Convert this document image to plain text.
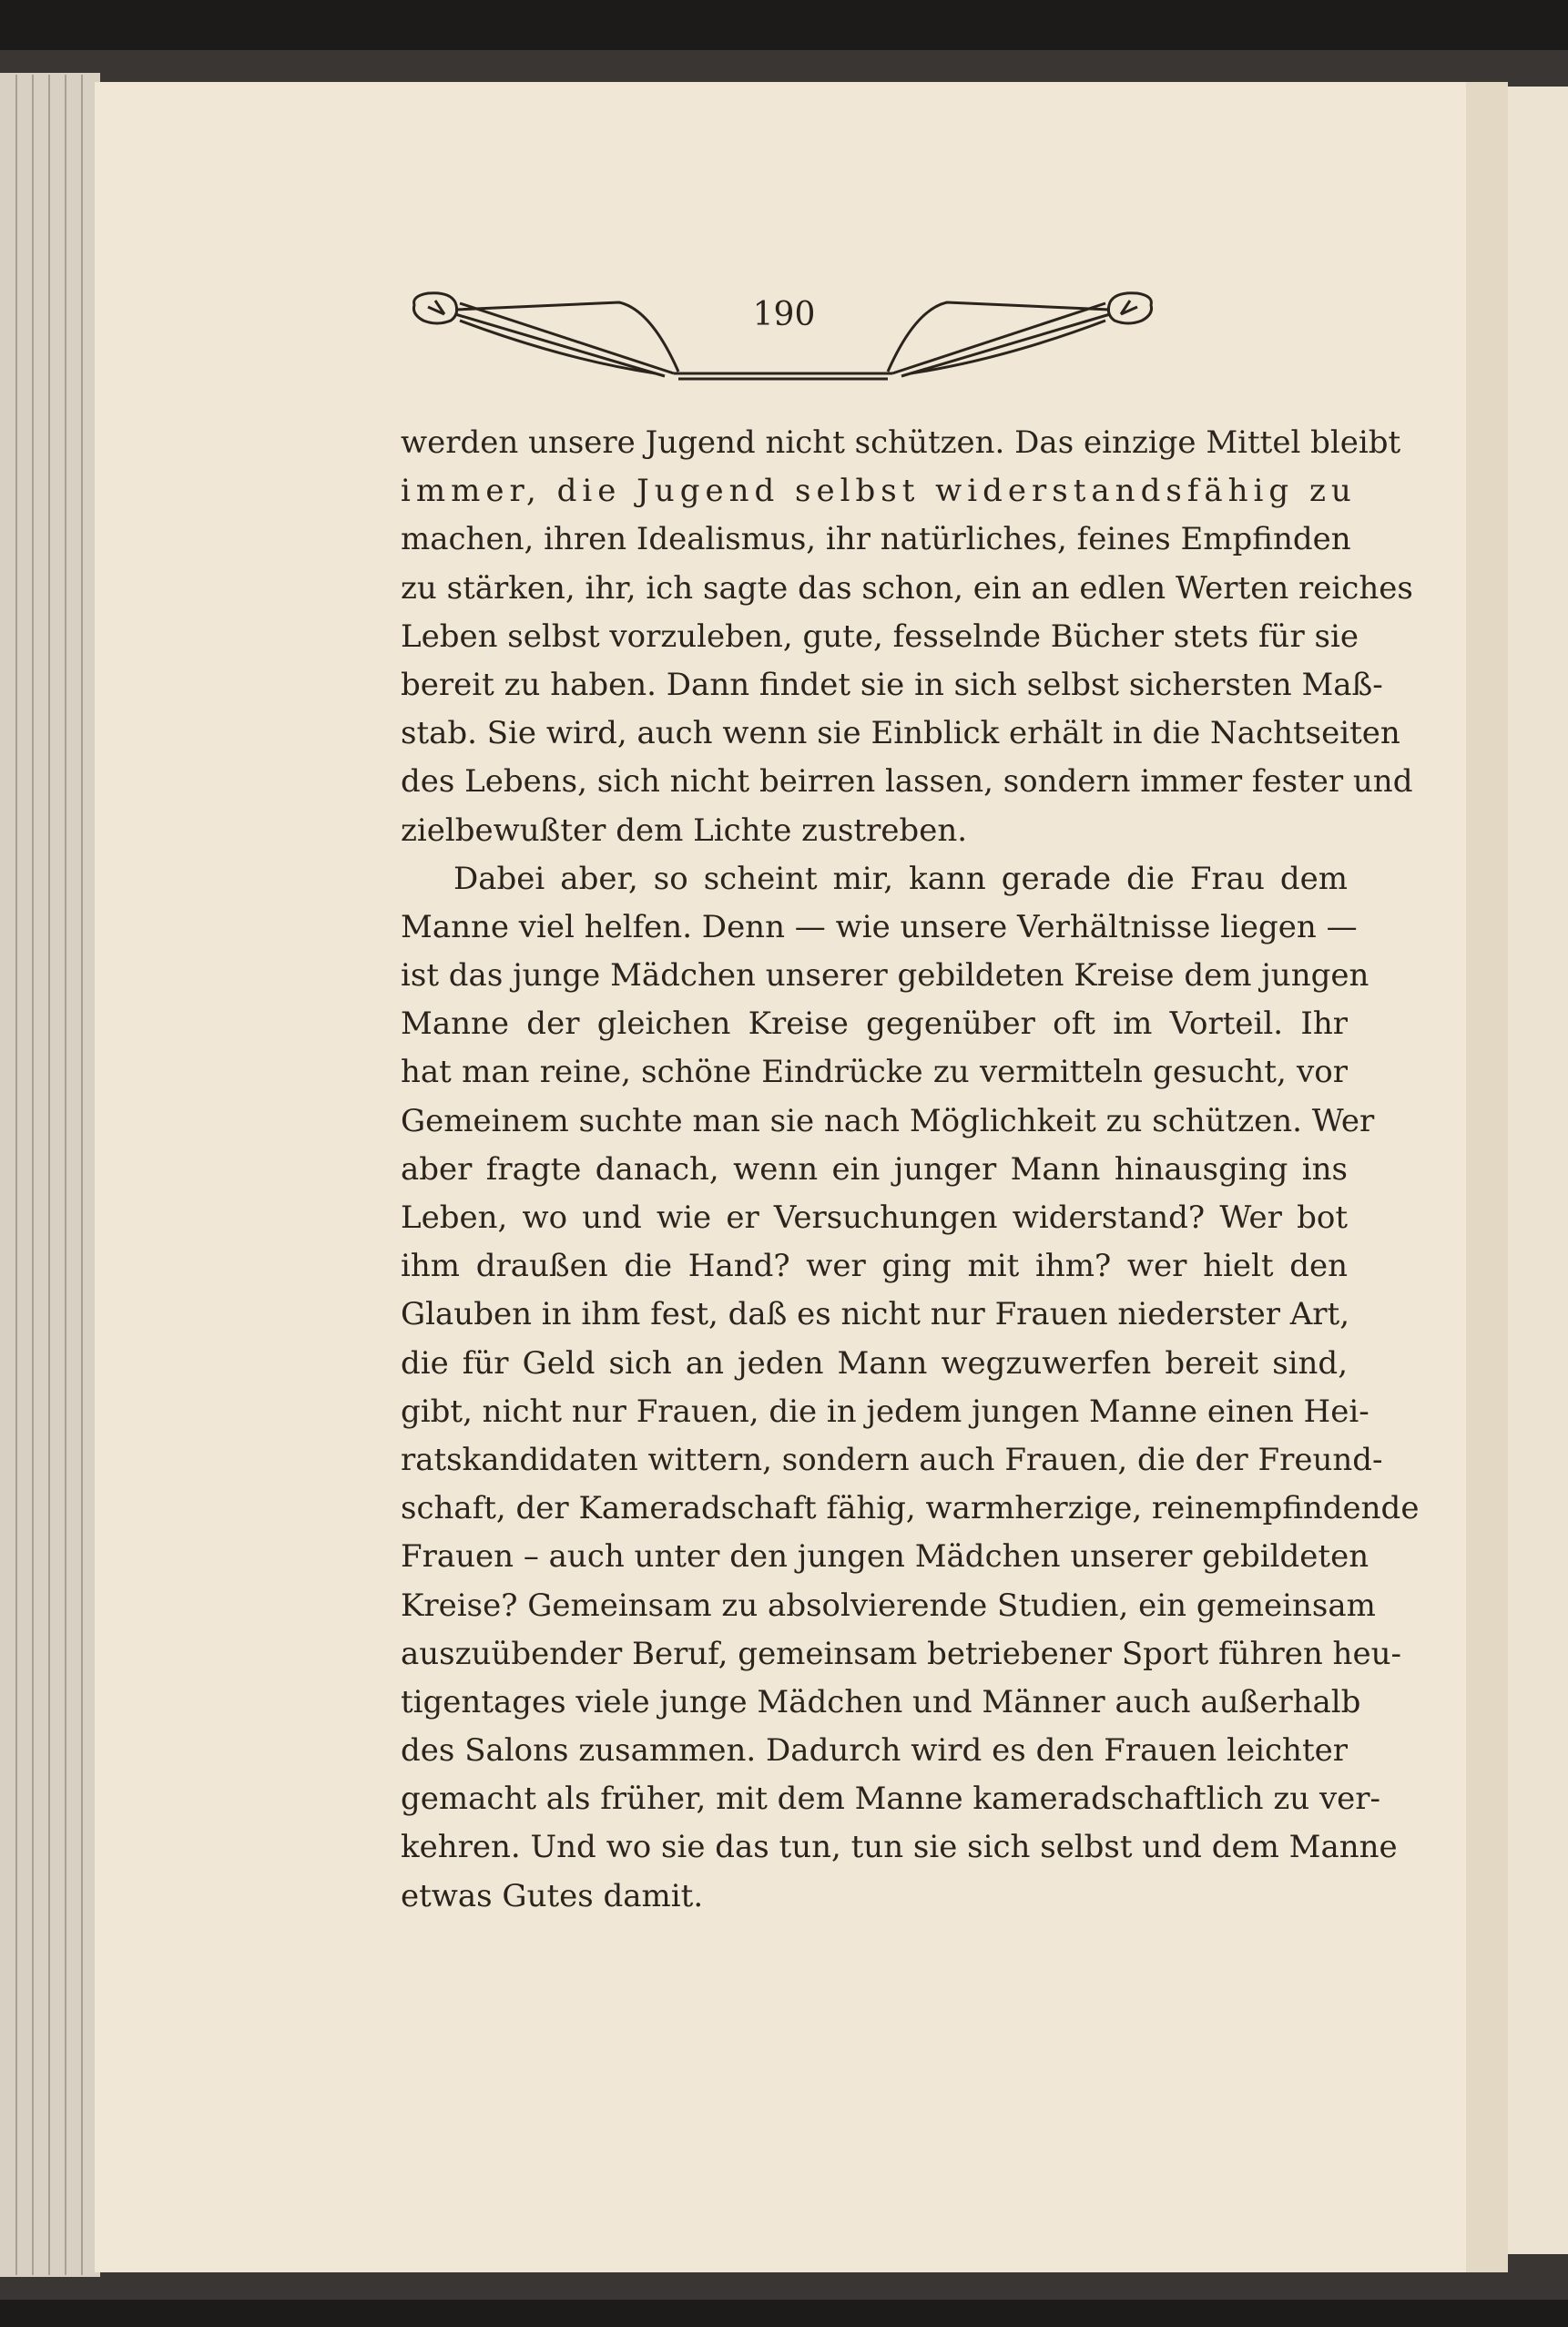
190
werden unsere Jugend nicht schützen. Das einzige Mittel bleibt
immer, die Jugend selbst widerstandsfähig zu
machen, ihren Idealismus, ihr natürliches, feines Empfinden
zu stärken, ihr, ich sagte das schon, ein an edlen Werten reiches
Leben selbst vorzuleben, gute, fesselnde Bücher stets für sie
bereit zu haben. Dann findet sie in sich selbst sichersten Maß-
stab. Sie wird, auch wenn sie Einblick erhält in die Nachtseiten
des Lebens, sich nicht beirren lassen, sondern immer fester und
zielbewußter dem Lichte zustreben.
Dabei aber, so scheint mir, kann gerade die Frau dem
Manne viel helfen. Denn — wie unsere Verhältnisse liegen —
ist das junge Mädchen unserer gebildeten Kreise dem jungen
Manne der gleichen Kreise gegenüber oft im Vorteil. Ihr
hat man reine, schöne Eindrücke zu vermitteln gesucht, vor
Gemeinem suchte man sie nach Möglichkeit zu schützen. Wer
aber fragte danach, wenn ein junger Mann hinausging ins
Leben, wo und wie er Versuchungen widerstand? Wer bot
ihm draußen die Hand? wer ging mit ihm? wer hielt den
Glauben in ihm fest, daß es nicht nur Frauen niederster Art,
die für Geld sich an jeden Mann wegzuwerfen bereit sind,
gibt, nicht nur Frauen, die in jedem jungen Manne einen Hei-
ratskandidaten wittern, sondern auch Frauen, die der Freund-
schaft, der Kameradschaft fähig, warmherzige, reinempfindende
Frauen – auch unter den jungen Mädchen unserer gebildeten
Kreise? Gemeinsam zu absolvierende Studien, ein gemeinsam
auszuübender Beruf, gemeinsam betriebener Sport führen heu-
tigentages viele junge Mädchen und Männer auch außerhalb
des Salons zusammen. Dadurch wird es den Frauen leichter
gemacht als früher, mit dem Manne kameradschaftlich zu ver-
kehren. Und wo sie das tun, tun sie sich selbst und dem Manne
etwas Gutes damit.
